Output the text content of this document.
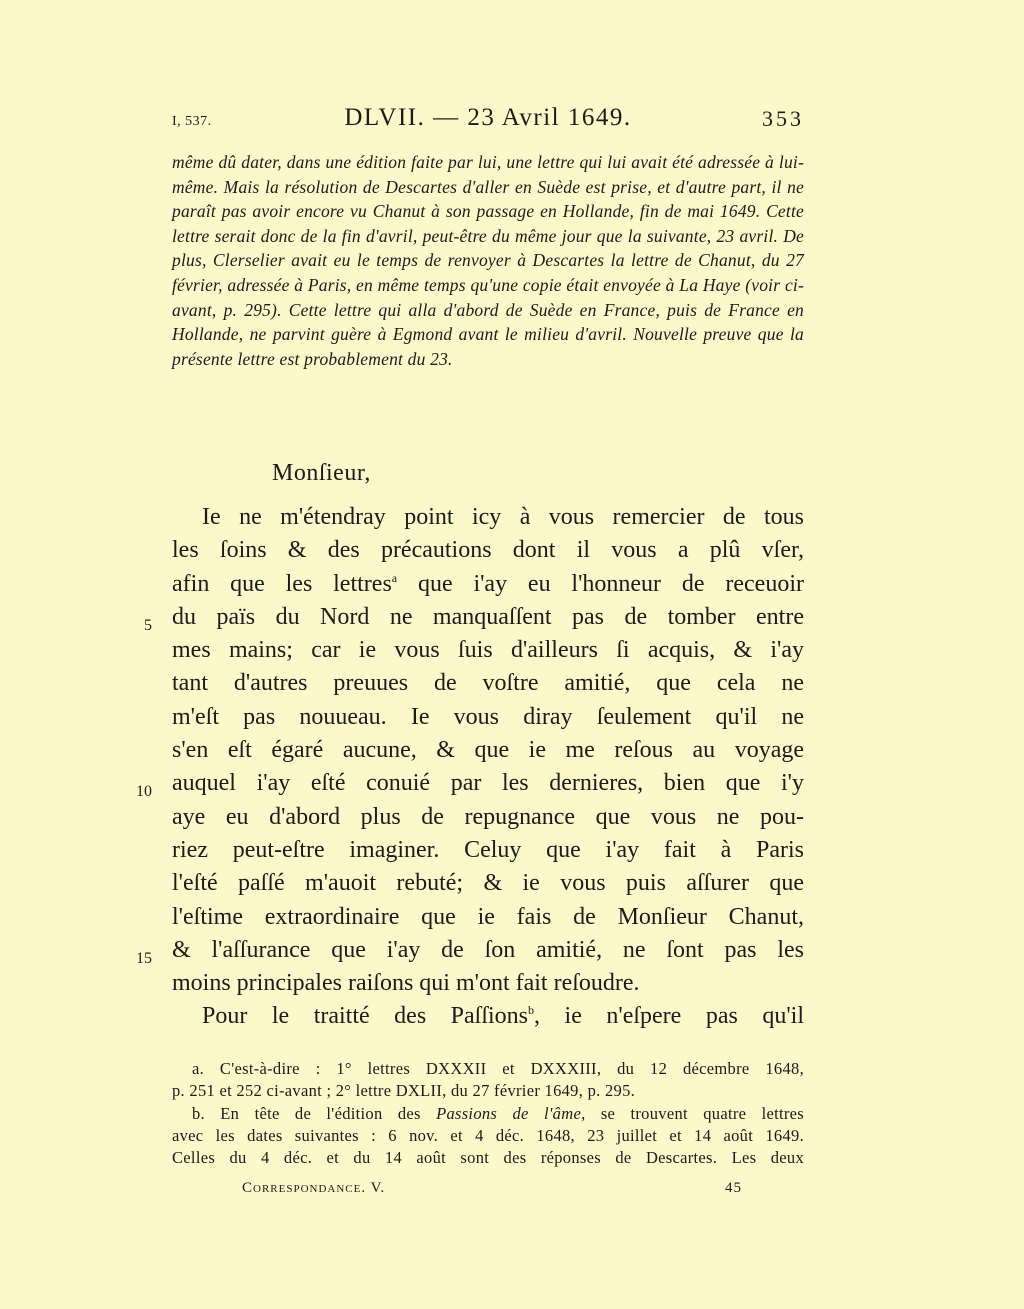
I, 537.	DLVII. — 23 Avril 1649.	353
même dû dater, dans une édition faite par lui, une lettre qui lui avait été adressée à lui-même. Mais la résolution de Descartes d'aller en Suède est prise, et d'autre part, il ne paraît pas avoir encore vu Chanut à son passage en Hollande, fin de mai 1649. Cette lettre serait donc de la fin d'avril, peut-être du même jour que la suivante, 23 avril. De plus, Clerselier avait eu le temps de renvoyer à Descartes la lettre de Chanut, du 27 février, adressée à Paris, en même temps qu'une copie était envoyée à La Haye (voir ci-avant, p. 295). Cette lettre qui alla d'abord de Suède en France, puis de France en Hollande, ne parvint guère à Egmond avant le milieu d'avril. Nouvelle preuve que la présente lettre est probablement du 23.
Monſieur,
5
10
15
Ie ne m'étendray point icy à vous remercier de tous
les ſoins & des précautions dont il vous a plû vſer,
afin que les lettres$^a$ que i'ay eu l'honneur de receuoir
du païs du Nord ne manquaſſent pas de tomber entre
mes mains; car ie vous ſuis d'ailleurs ſi acquis, & i'ay
tant d'autres preuues de voſtre amitié, que cela ne
m'eſt pas nouueau. Ie vous diray ſeulement qu'il ne
s'en eſt égaré aucune, & que ie me reſous au voyage
auquel i'ay eſté conuié par les dernieres, bien que i'y
aye eu d'abord plus de repugnance que vous ne pou-
riez peut-eſtre imaginer. Celuy que i'ay fait à Paris
l'eſté paſſé m'auoit rebuté; & ie vous puis aſſurer que
l'eſtime extraordinaire que ie fais de Monſieur Chanut,
& l'aſſurance que i'ay de ſon amitié, ne ſont pas les
moins principales raiſons qui m'ont fait reſoudre.
Pour le traitté des Paſſions$^b$, ie n'eſpere pas qu'il
a. C'est-à-dire : 1° lettres DXXXII et DXXXIII, du 12 décembre 1648,
p. 251 et 252 ci-avant ; 2° lettre DXLII, du 27 février 1649, p. 295.
b. En tête de l'édition des Passions de l'âme, se trouvent quatre lettres
avec les dates suivantes : 6 nov. et 4 déc. 1648, 23 juillet et 14 août 1649.
Celles du 4 déc. et du 14 août sont des réponses de Descartes. Les deux
Correspondance. V.	45
